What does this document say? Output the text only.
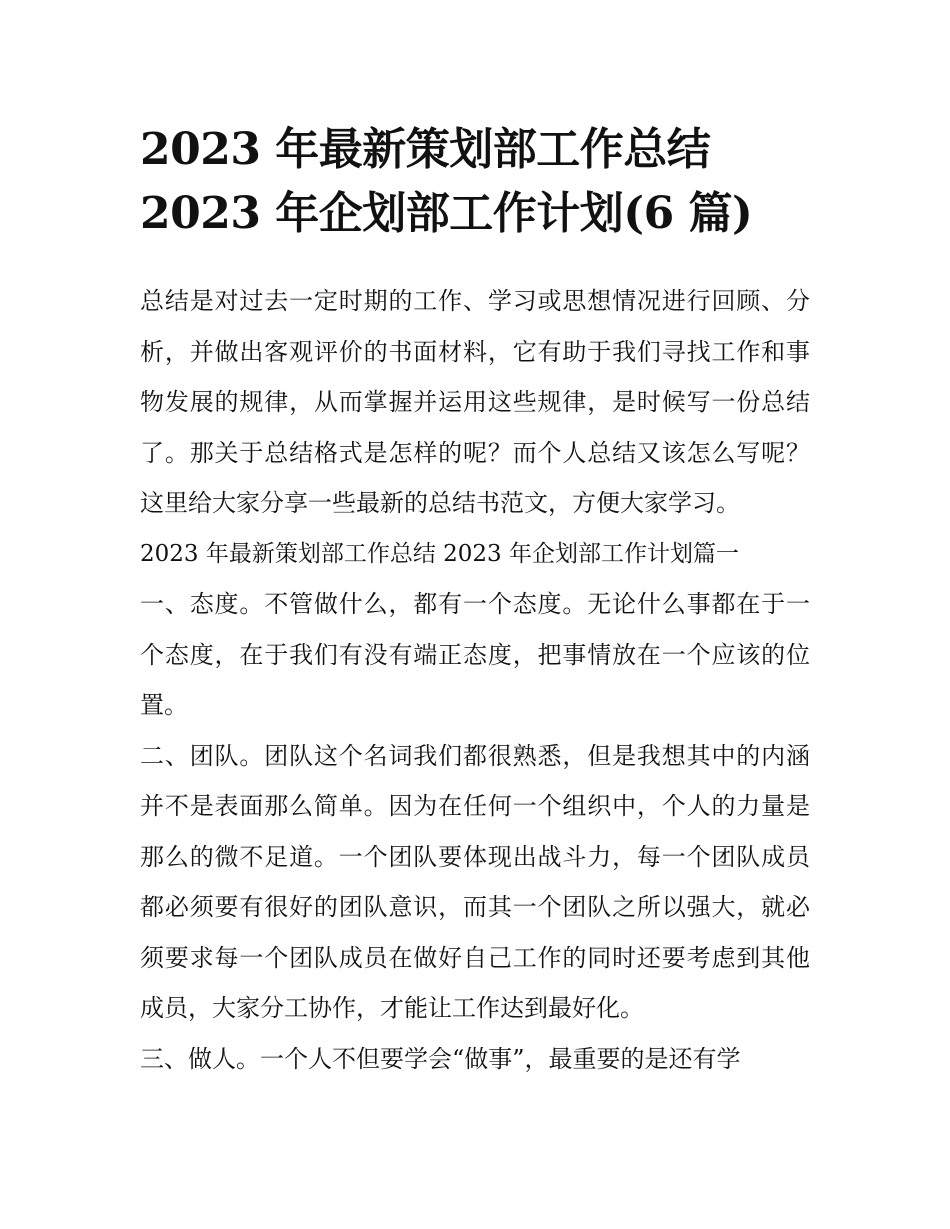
2023 年最新策划部工作总结
2023 年企划部工作计划(6 篇)

总结是对过去一定时期的工作、学习或思想情况进行回顾、分析，并做出客观评价的书面材料，它有助于我们寻找工作和事物发展的规律，从而掌握并运用这些规律，是时候写一份总结了。那关于总结格式是怎样的呢？而个人总结又该怎么写呢？这里给大家分享一些最新的总结书范文，方便大家学习。

2023 年最新策划部工作总结 2023 年企划部工作计划篇一

一、态度。不管做什么，都有一个态度。无论什么事都在于一个态度，在于我们有没有端正态度，把事情放在一个应该的位置。

二、团队。团队这个名词我们都很熟悉，但是我想其中的内涵并不是表面那么简单。因为在任何一个组织中，个人的力量是那么的微不足道。一个团队要体现出战斗力，每一个团队成员都必须要有很好的团队意识，而其一个团队之所以强大，就必须要求每一个团队成员在做好自己工作的同时还要考虑到其他成员，大家分工协作，才能让工作达到最好化。

三、做人。一个人不但要学会“做事”，最重要的是还有学
